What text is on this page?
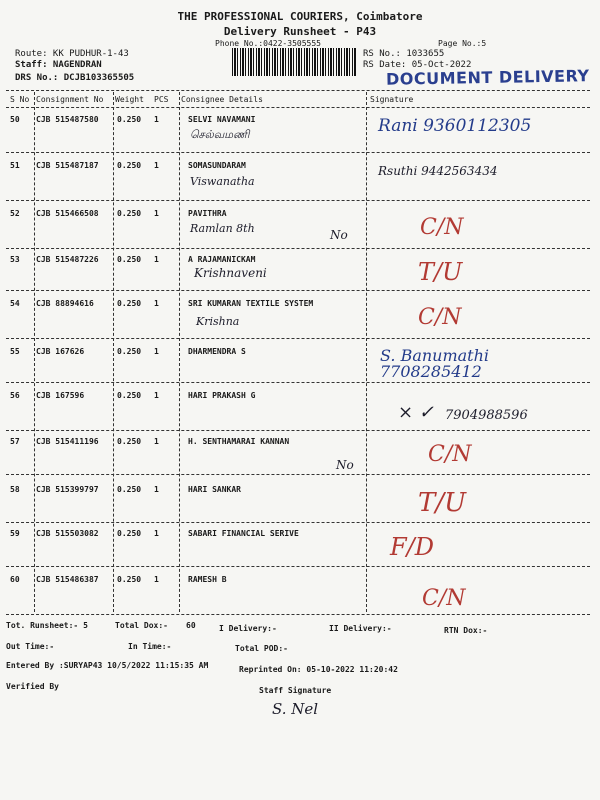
THE PROFESSIONAL COURIERS, Coimbatore
Delivery Runsheet - P43
Phone No.:0422-3505555	Page No.:5
Route: KK PUDHUR-1-43
Staff: NAGENDRAN
DRS No.: DCJB103365505
RS No.: 1033655
RS Date: 05-Oct-2022
DOCUMENT DELIVERY
S No Consignment No Weight PCS Consignee Details	Signature
50 CJB 515487580 0.250 1	SELVI NAVAMANI
செல்வமணி	Rani 9360112305
51 CJB 515487187 0.250 1	SOMASUNDARAM
Viswanatha
Rsuthi 9442563434
52 CJB 515466508 0.250 1	PAVITHRA
Ramlan 8th	No	C/N
53 CJB 515487226 0.250 1	A RAJAMANICKAM
Krishnaveni	T/U
54 CJB 88894616	0.250 1	SRI KUMARAN TEXTILE SYSTEM
Krishna	C/N
55 CJB 167626	0.250 1	DHARMENDRA S	S. Banumathi 7708285412
56 CJB 167596	0.250 1	HARI PRAKASH G
× ✓ 7904988596
57 CJB 515411196 0.250 1	H. SENTHAMARAI KANNAN
No	C/N
58 CJB 515399797 0.250 1	HARI SANKAR	T/U
59 CJB 515503082 0.250 1	SABARI FINANCIAL SERIVE	F/D
60 CJB 515486387 0.250 1	RAMESH B
C/N
Tot. Runsheet:- 5	Total Dox:- 60	I Delivery:-	II Delivery:-	RTN Dox:-
Out Time:-	In Time:-	Total POD:-
Entered By :SURYAP43 10/5/2022 11:15:35 AM	Reprinted On: 05-10-2022 11:20:42
Verified By	Staff Signature
S. Nel
